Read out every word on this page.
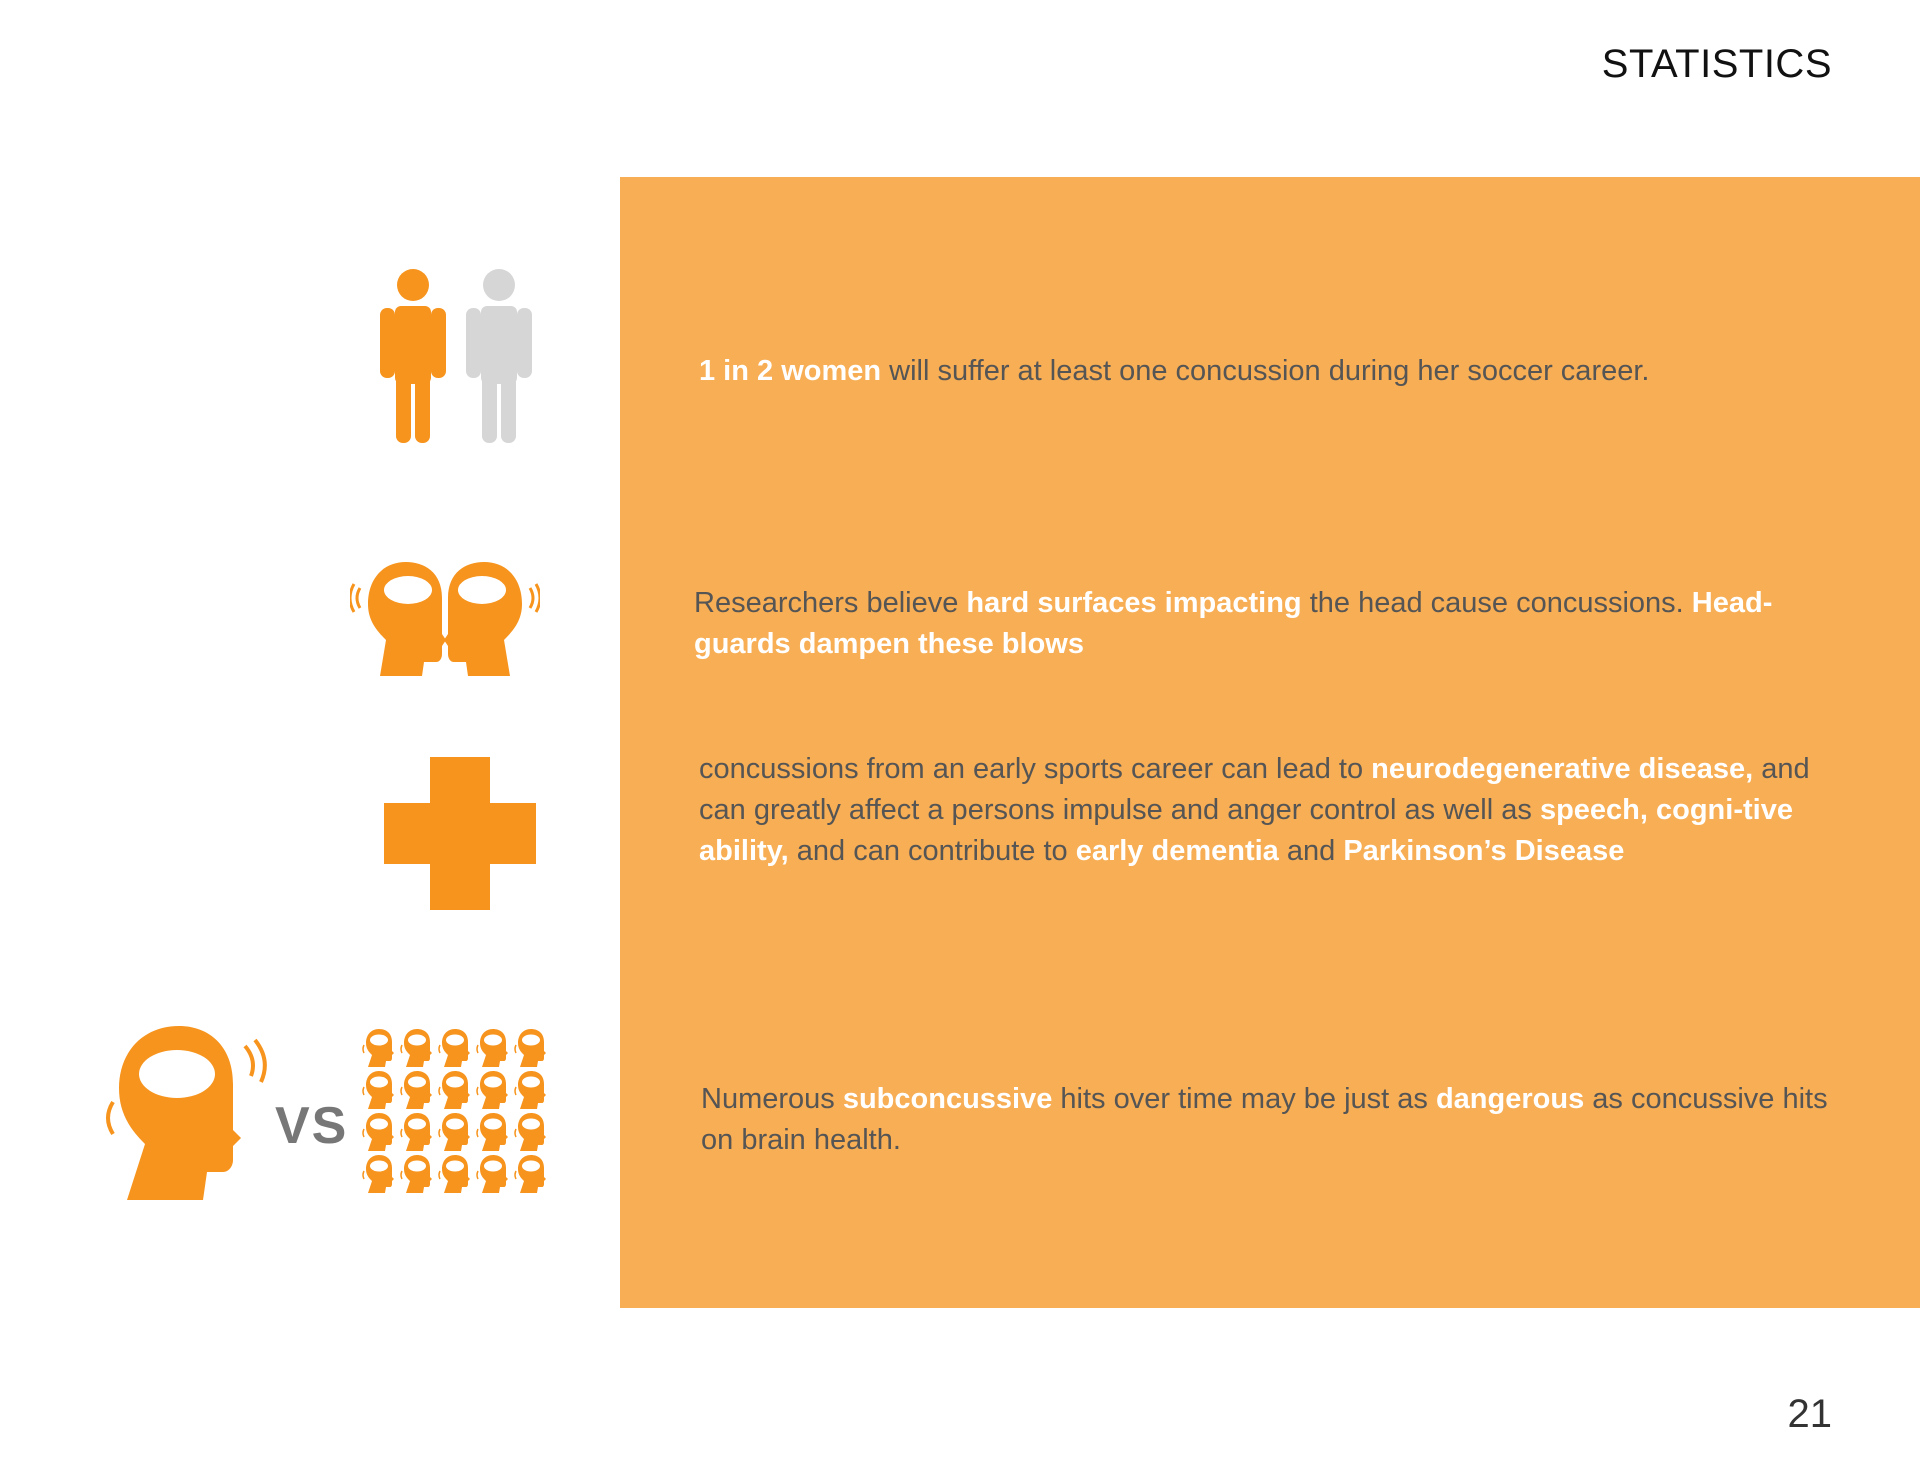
STATISTICS
21
1 in 2 women will suffer at least one concussion during her soccer career.
Researchers believe hard surfaces impacting the head cause concussions. Head-guards dampen these blows
concussions from an early sports career can lead to neurodegenerative disease, and can greatly affect a persons impulse and anger control as well as speech, cogni-tive ability, and can contribute to early dementia and Parkinson’s Disease
Numerous subconcussive hits over time may be just as dangerous as concussive hits on brain health.
VS
